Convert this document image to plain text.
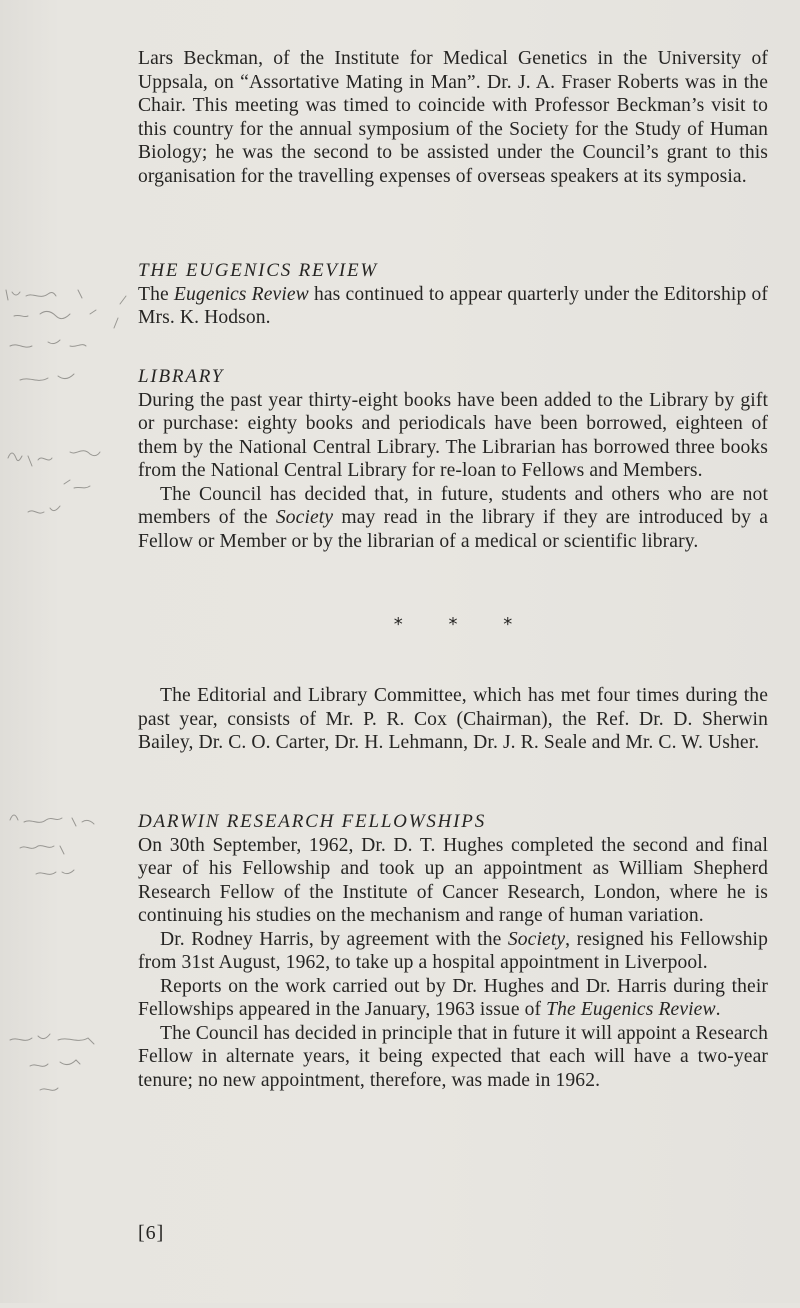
Lars Beckman, of the Institute for Medical Genetics in the University of Uppsala, on “Assortative Mating in Man”. Dr. J. A. Fraser Roberts was in the Chair. This meeting was timed to coincide with Professor Beckman’s visit to this country for the annual symposium of the Society for the Study of Human Biology; he was the second to be assisted under the Council’s grant to this organisation for the travelling expenses of overseas speakers at its symposia.

THE EUGENICS REVIEW

The Eugenics Review has continued to appear quarterly under the Editorship of Mrs. K. Hodson.

LIBRARY

During the past year thirty-eight books have been added to the Library by gift or purchase: eighty books and periodicals have been borrowed, eighteen of them by the National Central Library. The Librarian has borrowed three books from the National Central Library for re-loan to Fellows and Members.

The Council has decided that, in future, students and others who are not members of the Society may read in the library if they are introduced by a Fellow or Member or by the librarian of a medical or scientific library.

* * *

The Editorial and Library Committee, which has met four times during the past year, consists of Mr. P. R. Cox (Chairman), the Ref. Dr. D. Sherwin Bailey, Dr. C. O. Carter, Dr. H. Lehmann, Dr. J. R. Seale and Mr. C. W. Usher.

DARWIN RESEARCH FELLOWSHIPS

On 30th September, 1962, Dr. D. T. Hughes completed the second and final year of his Fellowship and took up an appointment as William Shepherd Research Fellow of the Institute of Cancer Research, London, where he is continuing his studies on the mechanism and range of human variation.

Dr. Rodney Harris, by agreement with the Society, resigned his Fellowship from 31st August, 1962, to take up a hospital appointment in Liverpool.

Reports on the work carried out by Dr. Hughes and Dr. Harris during their Fellowships appeared in the January, 1963 issue of The Eugenics Review.

The Council has decided in principle that in future it will appoint a Research Fellow in alternate years, it being expected that each will have a two-year tenure; no new appointment, therefore, was made in 1962.

[6]
